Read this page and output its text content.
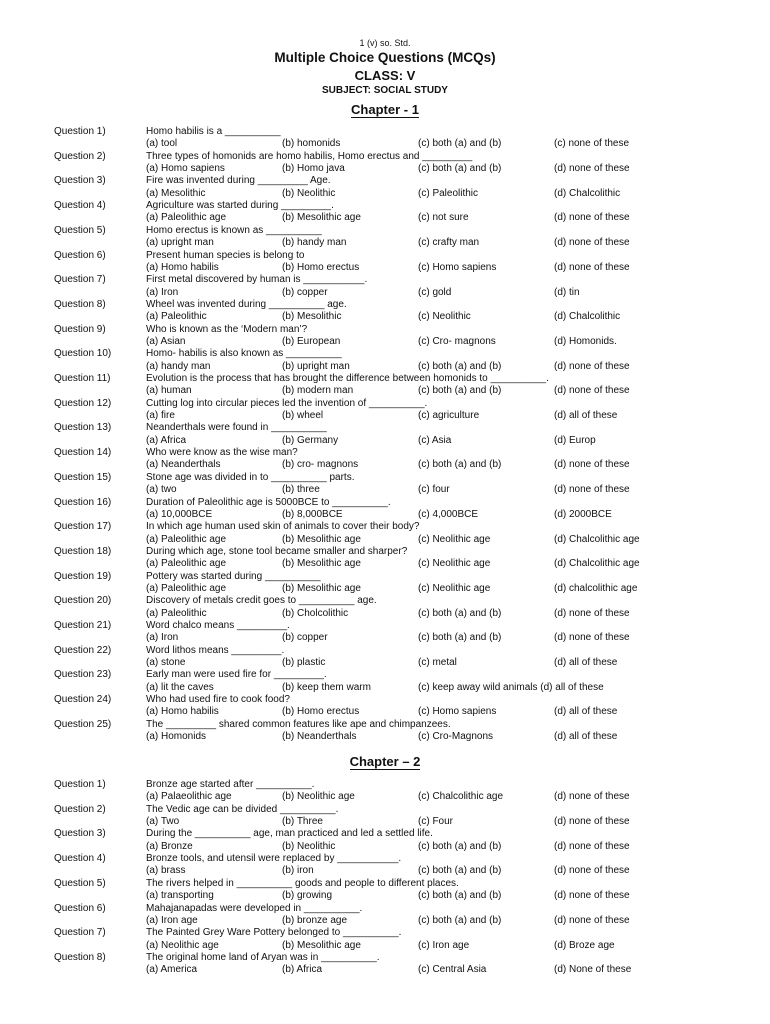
1 (v) so. Std.
Multiple Choice Questions (MCQs)
CLASS: V
SUBJECT: SOCIAL STUDY
Chapter - 1
Question 1)	Homo habilis is a __________
(a) tool	(b) homonids	(c) both (a) and (b)	(c) none of these
Question 2)	Three types of homonids are homo habilis, Homo erectus and _________
(a) Homo sapiens	(b) Homo java	(c) both (a) and (b)	(d) none of these
Question 3)	Fire was invented during _________ Age.
(a) Mesolithic	(b) Neolithic	(c) Paleolithic	(d) Chalcolithic
Question 4)	Agriculture was started during _________.
(a) Paleolithic age	(b) Mesolithic age	(c) not sure	(d) none of these
Question 5)	Homo erectus is known as __________
(a) upright man	(b) handy man	(c) crafty man	(d) none of these
Question 6)	Present human species is belong to
(a) Homo habilis	(b) Homo erectus	(c) Homo sapiens	(d) none of these
Question 7)	First metal discovered by human is ___________.
(a) Iron	(b) copper	(c) gold	(d) tin
Question 8)	Wheel was invented during __________ age.
(a) Paleolithic	(b) Mesolithic	(c) Neolithic	(d) Chalcolithic
Question 9)	Who is known as the ‘Modern man’?
(a) Asian	(b) European	(c) Cro- magnons	(d) Homonids.
Question 10)	Homo- habilis is also known as __________
(a) handy man	(b) upright man	(c) both (a) and (b)	(d) none of these
Question 11)	Evolution is the process that has brought the difference between homonids to __________.
(a) human	(b) modern man	(c) both (a) and (b)	(d) none of these
Question 12)	Cutting log into circular pieces led the invention of __________.
(a) fire	(b) wheel	(c) agriculture	(d) all of these
Question 13)	Neanderthals were found in __________
(a) Africa	(b) Germany	(c) Asia	(d) Europ
Question 14)	Who were know as the wise man?
(a) Neanderthals	(b) cro- magnons	(c) both (a) and (b)	(d) none of these
Question 15)	Stone age was divided in to __________ parts.
(a) two	(b) three	(c) four	(d) none of these
Question 16)	Duration of Paleolithic age is 5000BCE to __________.
(a) 10,000BCE	(b) 8,000BCE	(c) 4,000BCE	(d) 2000BCE
Question 17)	In which age human used skin of animals to cover their body?
(a) Paleolithic age	(b) Mesolithic age	(c) Neolithic age	(d) Chalcolithic age
Question 18)	During which age, stone tool became smaller and sharper?
(a) Paleolithic age	(b) Mesolithic age	(c) Neolithic age	(d) Chalcolithic age
Question 19)	Pottery was started during __________
(a) Paleolithic age	(b) Mesolithic age	(c) Neolithic age	(d) chalcolithic age
Question 20)	Discovery of metals credit goes to __________ age.
(a) Paleolithic	(b) Cholcolithic	(c) both (a) and (b)	(d) none of these
Question 21)	Word chalco means _________.
(a) Iron	(b) copper	(c) both (a) and (b)	(d) none of these
Question 22)	Word lithos means _________.
(a) stone	(b) plastic	(c) metal	(d) all of these
Question 23)	Early man were used fire for _________.
(a) lit the caves	(b) keep them warm	(c) keep away wild animals (d) all of these
Question 24)	Who had used fire to cook food?
(a) Homo habilis	(b) Homo erectus	(c) Homo sapiens	(d) all of these
Question 25)	The _________ shared common features like ape and chimpanzees.
(a) Homonids	(b) Neanderthals	(c) Cro-Magnons	(d) all of these
Chapter – 2
Question 1)	Bronze age started after __________.
(a) Palaeolithic age	(b) Neolithic age	(c) Chalcolithic age	(d) none of these
Question 2)	The Vedic age can be divided __________.
(a) Two	(b) Three	(c) Four	(d) none of these
Question 3)	During the __________ age, man practiced and led a settled life.
(a) Bronze	(b) Neolithic	(c) both (a) and (b)	(d) none of these
Question 4)	Bronze tools, and utensil were replaced by ___________.
(a) brass	(b) iron	(c) both (a) and (b)	(d) none of these
Question 5)	The rivers helped in __________ goods and people to different places.
(a) transporting	(b) growing	(c) both (a) and (b)	(d) none of these
Question 6)	Mahajanapadas were developed in __________.
(a) Iron age	(b) bronze age	(c) both (a) and (b)	(d) none of these
Question 7)	The Painted Grey Ware Pottery belonged to __________.
(a) Neolithic age	(b) Mesolithic age	(c) Iron age	(d) Broze age
Question 8)	The original home land of Aryan was in __________.
(a) America	(b) Africa	(c) Central Asia	(d) None of these
